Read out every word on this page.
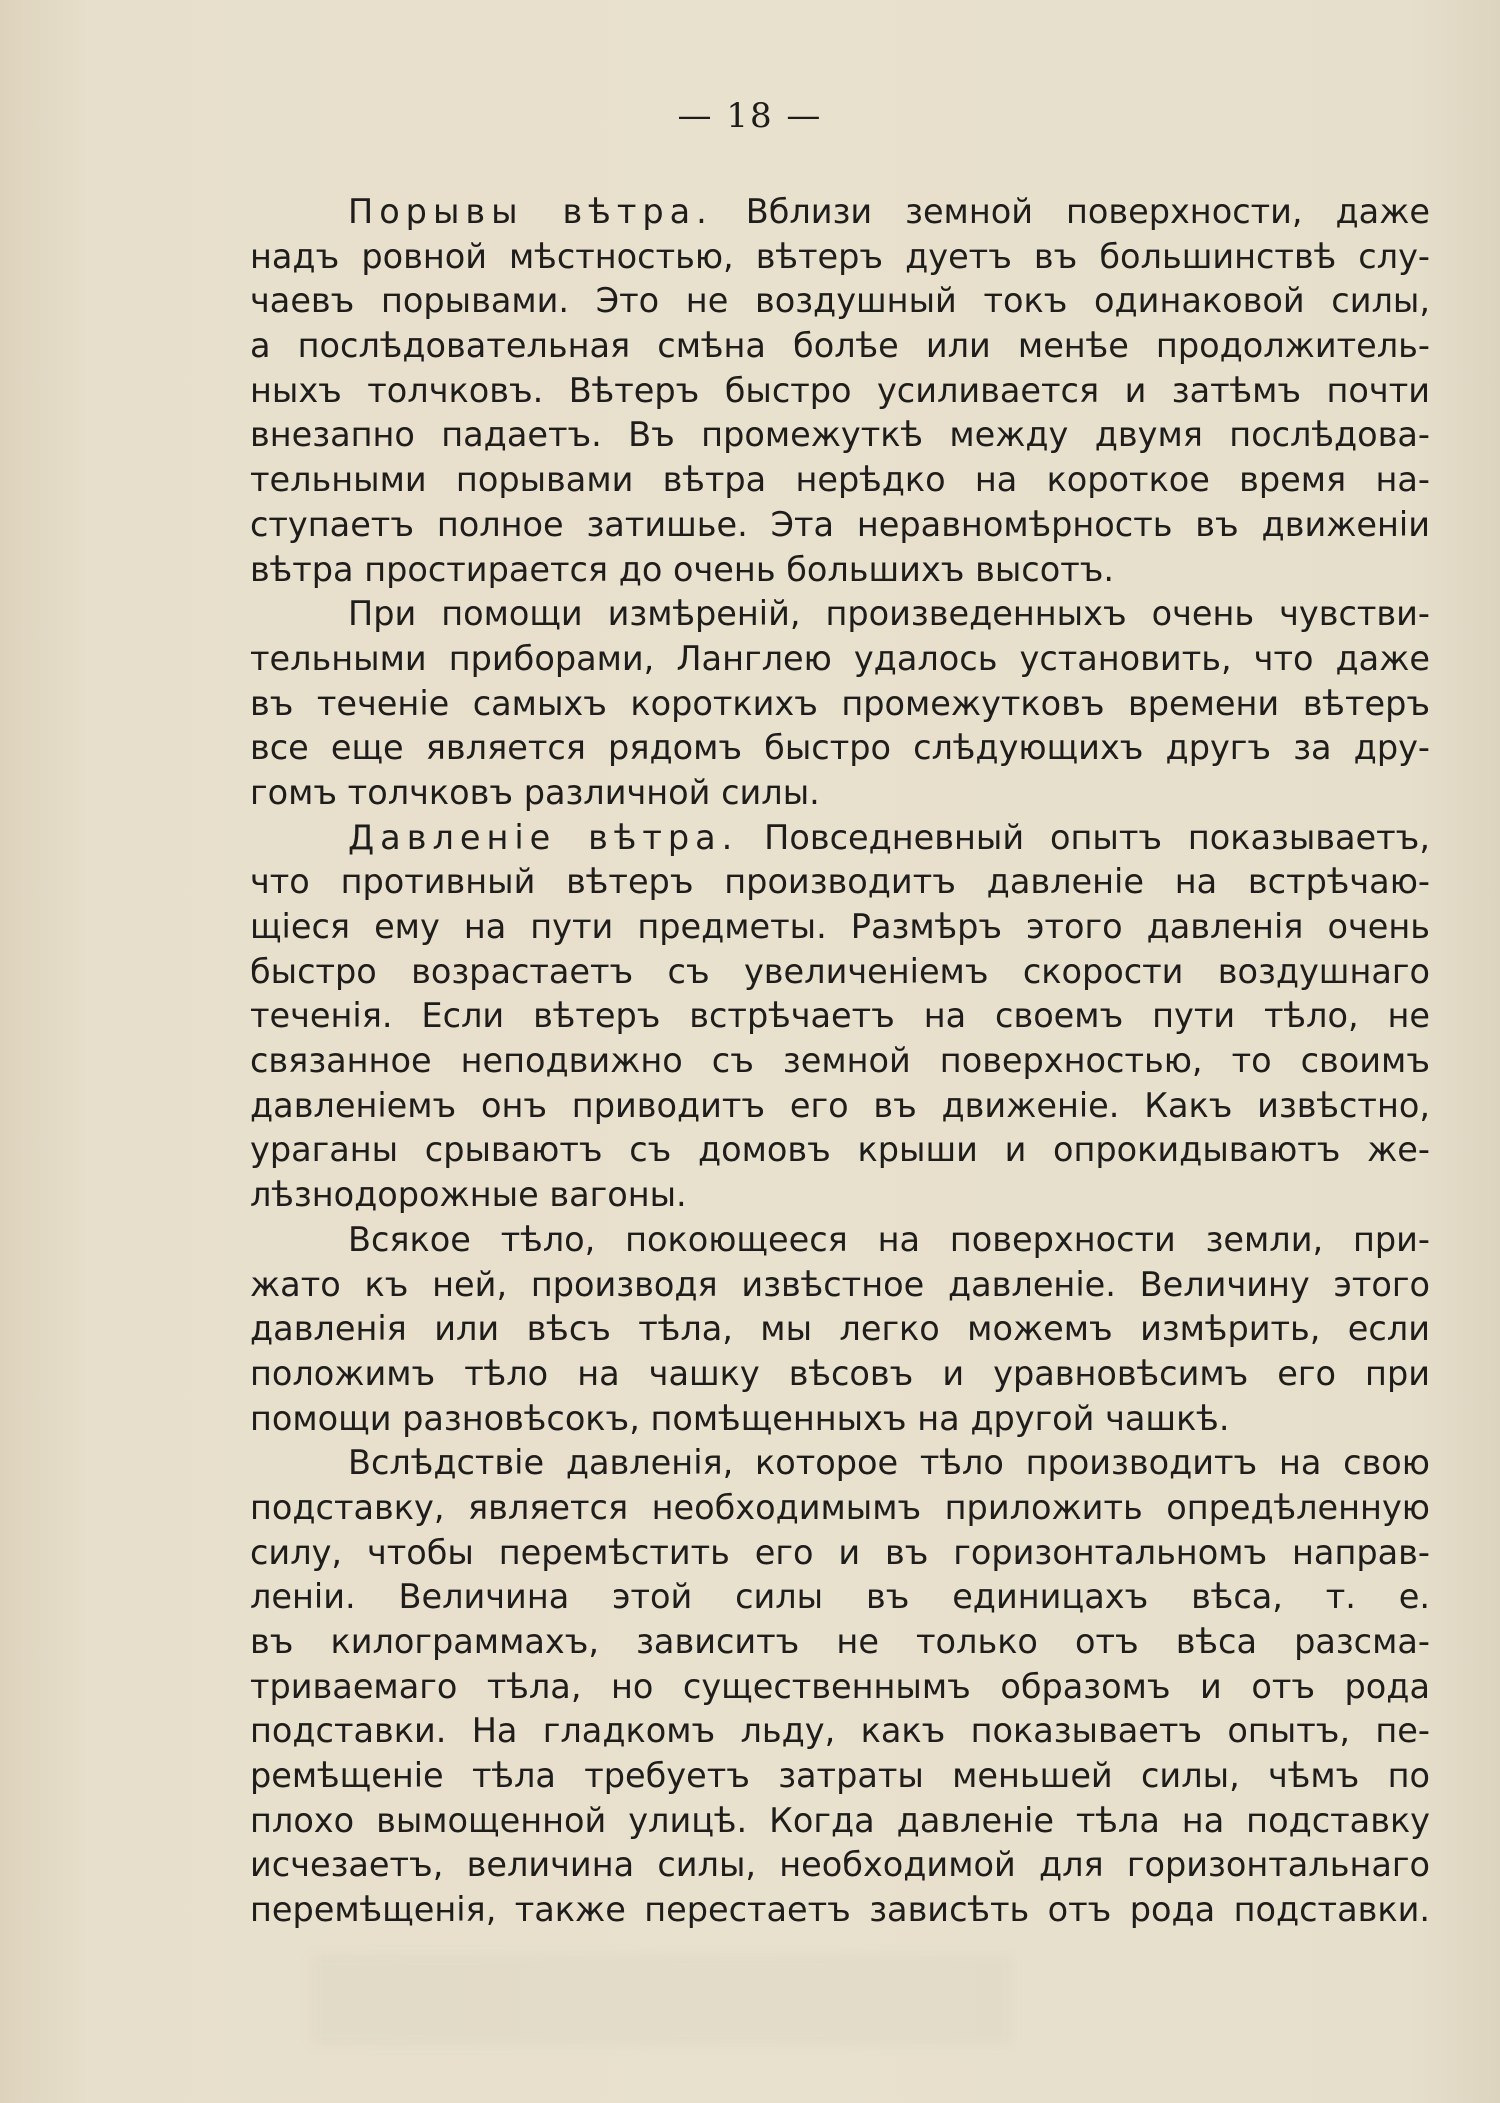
— 18 —
Порывы вѣтра. Вблизи земной поверхности, даже
надъ ровной мѣстностью, вѣтеръ дуетъ въ большинствѣ слу-
чаевъ порывами. Это не воздушный токъ одинаковой силы,
а послѣдовательная смѣна болѣе или менѣе продолжитель-
ныхъ толчковъ. Вѣтеръ быстро усиливается и затѣмъ почти
внезапно падаетъ. Въ промежуткѣ между двумя послѣдова-
тельными порывами вѣтра нерѣдко на короткое время на-
ступаетъ полное затишье. Эта неравномѣрность въ движенiи
вѣтра простирается до очень большихъ высотъ.
При помощи измѣренiй, произведенныхъ очень чувстви-
тельными приборами, Ланглею удалось установить, что даже
въ теченiе самыхъ короткихъ промежутковъ времени вѣтеръ
все еще является рядомъ быстро слѣдующихъ другъ за дру-
гомъ толчковъ различной силы.
Давленiе вѣтра. Повседневный опытъ показываетъ,
что противный вѣтеръ производитъ давленiе на встрѣчаю-
щiеся ему на пути предметы. Размѣръ этого давленiя очень
быстро возрастаетъ съ увеличенiемъ скорости воздушнаго
теченiя. Если вѣтеръ встрѣчаетъ на своемъ пути тѣло, не
связанное неподвижно съ земной поверхностью, то своимъ
давленiемъ онъ приводитъ его въ движенiе. Какъ извѣстно,
ураганы срываютъ съ домовъ крыши и опрокидываютъ же-
лѣзнодорожные вагоны.
Всякое тѣло, покоющееся на поверхности земли, при-
жато къ ней, производя извѣстное давленiе. Величину этого
давленiя или вѣсъ тѣла, мы легко можемъ измѣрить, если
положимъ тѣло на чашку вѣсовъ и уравновѣсимъ его при
помощи разновѣсокъ, помѣщенныхъ на другой чашкѣ.
Вслѣдствiе давленiя, которое тѣло производитъ на свою
подставку, является необходимымъ приложить опредѣленную
силу, чтобы перемѣстить его и въ горизонтальномъ направ-
ленiи. Величина этой силы въ единицахъ вѣса, т. е.
въ килограммахъ, зависитъ не только отъ вѣса разсма-
триваемаго тѣла, но существеннымъ образомъ и отъ рода
подставки. На гладкомъ льду, какъ показываетъ опытъ, пе-
ремѣщенiе тѣла требуетъ затраты меньшей силы, чѣмъ по
плохо вымощенной улицѣ. Когда давленiе тѣла на подставку
исчезаетъ, величина силы, необходимой для горизонтальнаго
перемѣщенiя, также перестаетъ зависѣть отъ рода подставки.
